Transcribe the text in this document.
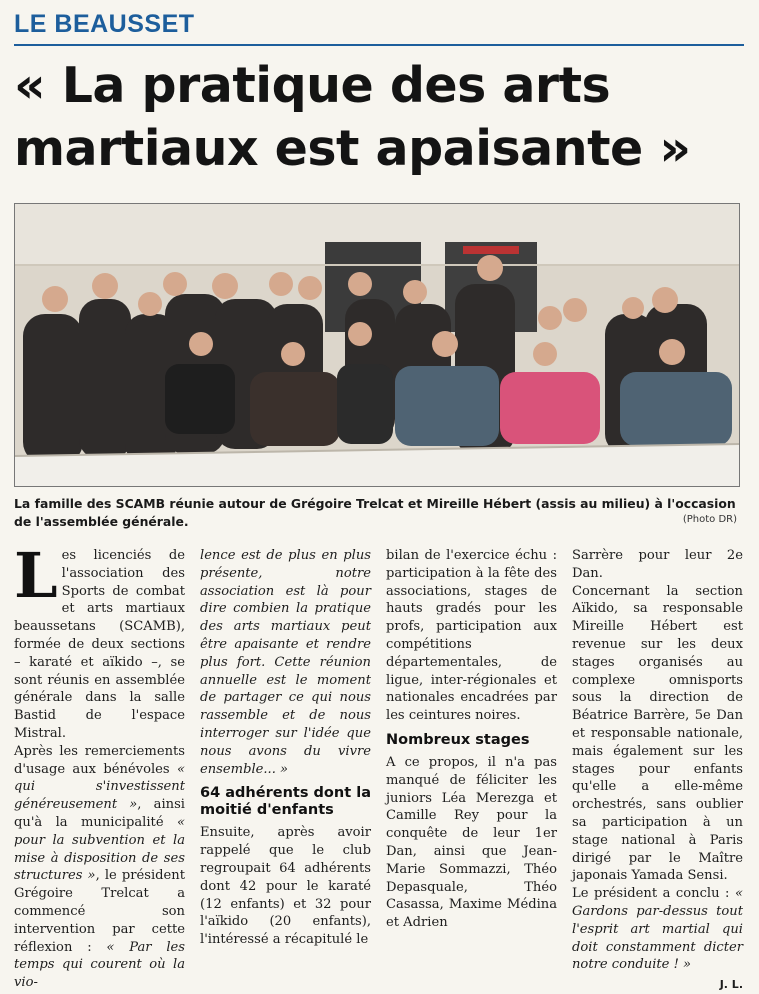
LE BEAUSSET
« La pratique des arts martiaux est apaisante »

La famille des SCAMB réunie autour de Grégoire Trelcat et Mireille Hébert (assis au milieu) à l'occasion de l'assemblée générale.	(Photo DR)

Les licenciés de l'association des Sports de combat et arts martiaux beaussetans (SCAMB), formée de deux sections – karaté et aïkido –, se sont réunis en assemblée générale dans la salle Bastid de l'espace Mistral.

Après les remerciements d'usage aux bénévoles « qui s'investissent généreusement », ainsi qu'à la municipalité « pour la subvention et la mise à disposition de ses structures », le président Grégoire Trelcat a commencé son intervention par cette réflexion : « Par les temps qui courent où la vio-

lence est de plus en plus présente, notre association est là pour dire combien la pratique des arts martiaux peut être apaisante et rendre plus fort. Cette réunion annuelle est le moment de partager ce qui nous rassemble et de nous interroger sur l'idée que nous avons du vivre ensemble... »

64 adhérents dont la moitié d'enfants

Ensuite, après avoir rappelé que le club regroupait 64 adhérents dont 42 pour le karaté (12 enfants) et 32 pour l'aïkido (20 enfants), l'intéressé a récapitulé le

bilan de l'exercice échu : participation à la fête des associations, stages de hauts gradés pour les profs, participation aux compétitions départementales, de ligue, inter-régionales et nationales encadrées par les ceintures noires.

Nombreux stages

A ce propos, il n'a pas manqué de féliciter les juniors Léa Merezga et Camille Rey pour la conquête de leur 1er Dan, ainsi que Jean-Marie Sommazzi, Théo Depasquale, Théo Casassa, Maxime Médina et Adrien

Sarrère pour leur 2e Dan.

Concernant la section Aïkido, sa responsable Mireille Hébert est revenue sur les deux stages organisés au complexe omnisports sous la direction de Béatrice Barrère, 5e Dan et responsable nationale, mais également sur les stages pour enfants qu'elle a elle-même orchestrés, sans oublier sa participation à un stage national à Paris dirigé par le Maître japonais Yamada Sensi.

Le président a conclu : « Gardons par-dessus tout l'esprit art martial qui doit constamment dicter notre conduite ! »

J. L.
